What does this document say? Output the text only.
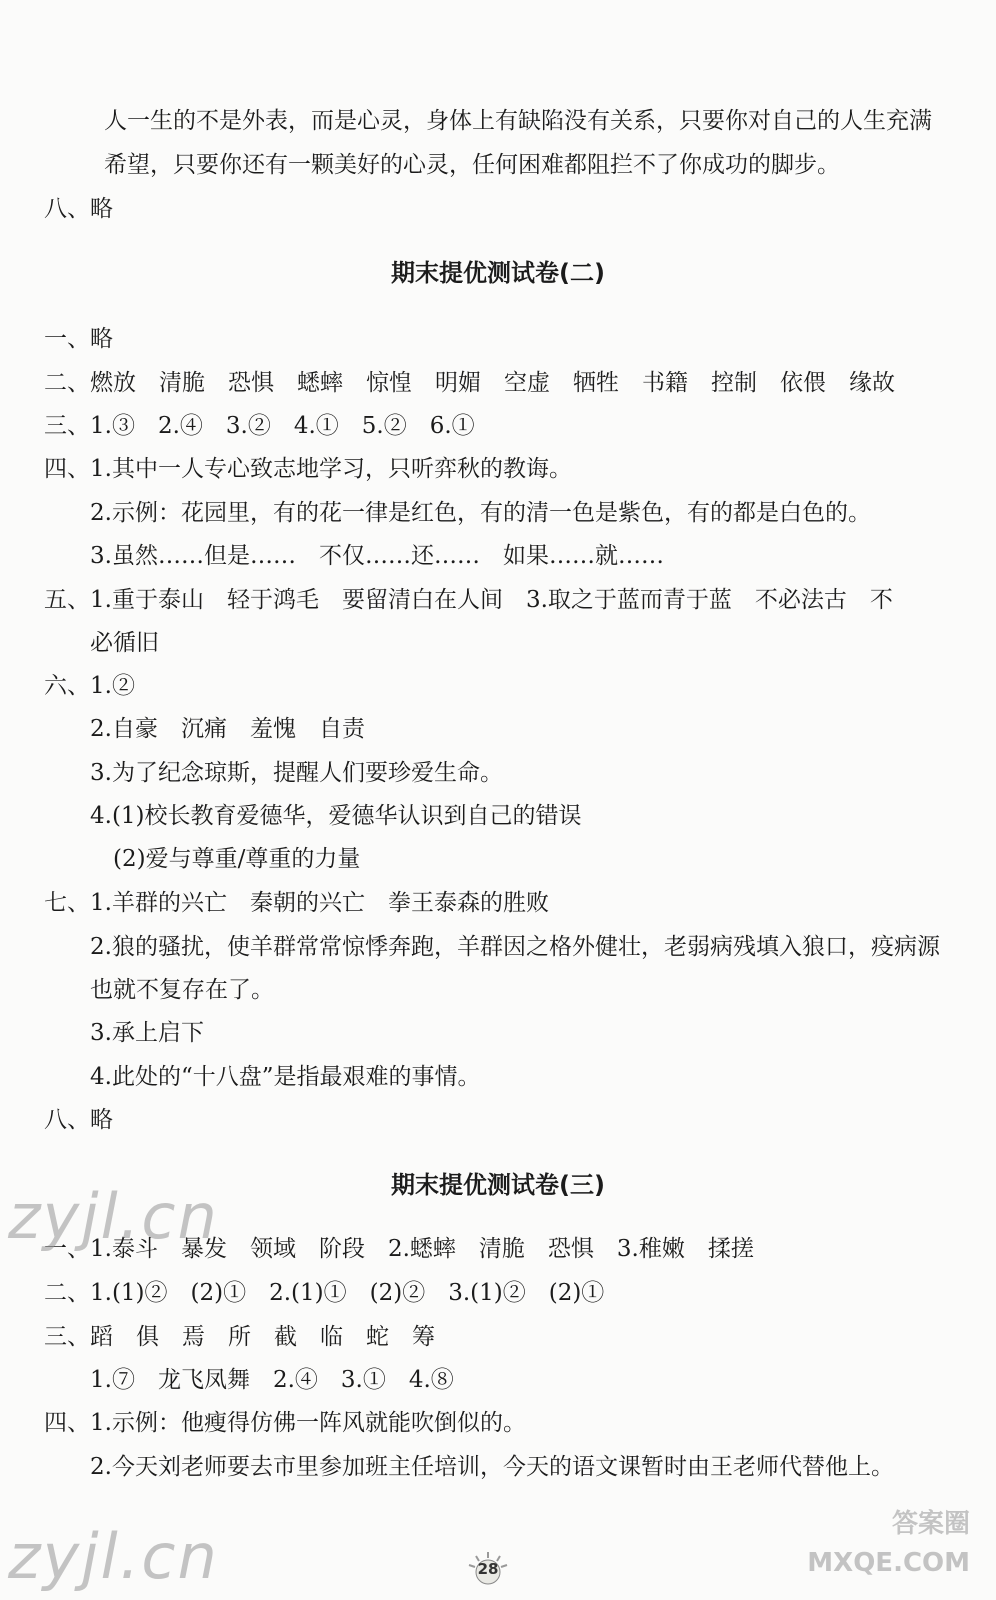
　　人一生的不是外表，而是心灵，身体上有缺陷没有关系，只要你对自己的人生充满
　　希望，只要你还有一颗美好的心灵，任何困难都阻拦不了你成功的脚步。
八、略
期末提优测试卷(二)
一、略
二、燃放　清脆　恐惧　蟋蟀　惊惶　明媚　空虚　牺牲　书籍　控制　依偎　缘故
三、1.③　2.④　3.②　4.①　5.②　6.①
四、1.其中一人专心致志地学习，只听弈秋的教诲。
　　2.示例：花园里，有的花一律是红色，有的清一色是紫色，有的都是白色的。
　　3.虽然……但是……　不仅……还……　如果……就……
五、1.重于泰山　轻于鸿毛　要留清白在人间　3.取之于蓝而青于蓝　不必法古　不
　　必循旧
六、1.②
　　2.自豪　沉痛　羞愧　自责
　　3.为了纪念琼斯，提醒人们要珍爱生命。
　　4.(1)校长教育爱德华，爱德华认识到自己的错误
　　　(2)爱与尊重/尊重的力量
七、1.羊群的兴亡　秦朝的兴亡　拳王泰森的胜败
　　2.狼的骚扰，使羊群常常惊悸奔跑，羊群因之格外健壮，老弱病残填入狼口，疫病源
　　也就不复存在了。
　　3.承上启下
　　4.此处的“十八盘”是指最艰难的事情。
八、略
期末提优测试卷(三)
一、1.泰斗　暴发　领域　阶段　2.蟋蟀　清脆　恐惧　3.稚嫩　揉搓
二、1.(1)②　(2)①　2.(1)①　(2)②　3.(1)②　(2)①
三、蹈　俱　焉　所　截　临　蛇　筹
　　1.⑦　龙飞凤舞　2.④　3.①　4.⑧
四、1.示例：他瘦得仿佛一阵风就能吹倒似的。
　　2.今天刘老师要去市里参加班主任培训，今天的语文课暂时由王老师代替他上。
zyjl.cn
zyjl.cn	答案圈
MXQE.COM
28
